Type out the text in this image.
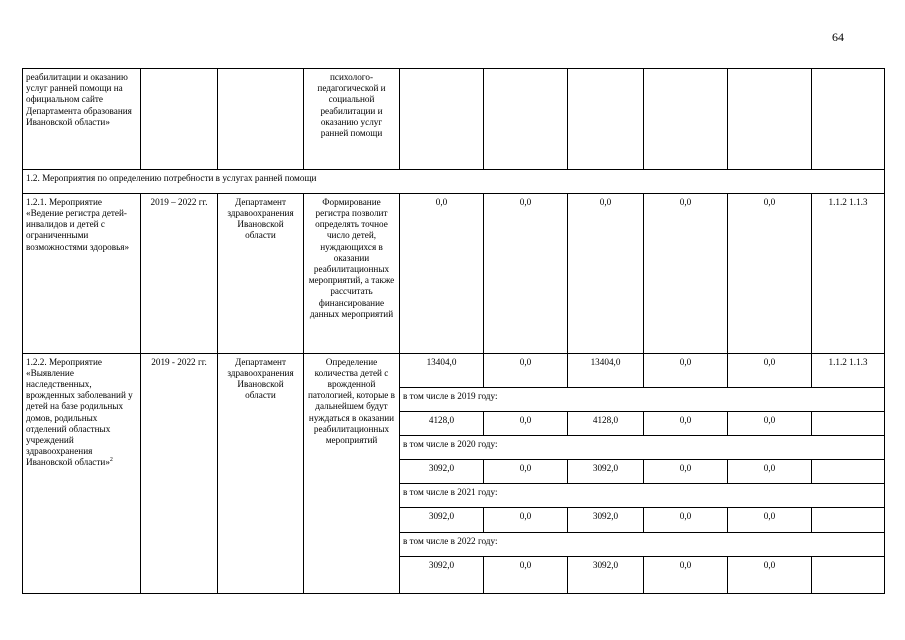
64
реабилитации и оказанию услуг ранней помощи на официальном сайте Департамента образования Ивановской области»			психолого-педагогической и социальной реабилитации и оказанию услуг ранней помощи						
1.2. Мероприятия по определению потребности в услугах ранней помощи									
1.2.1. Мероприятие «Ведение регистра детей-инвалидов и детей с ограниченными возможностями здоровья»	2019 – 2022 гг.	Департамент здравоохранения Ивановской области	Формирование регистра позволит определять точное число детей, нуждающихся в оказании реабилитационных мероприятий, а также рассчитать финансирование данных мероприятий	0,0	0,0	0,0	0,0	0,0	1.1.2 1.1.3
1.2.2. Мероприятие «Выявление наследственных, врожденных заболеваний у детей на базе родильных домов, родильных отделений областных учреждений здравоохранения Ивановской области»$^2$	2019 - 2022 гг.	Департамент здравоохранения Ивановской области	Определение количества детей с врожденной патологией, которые в дальнейшем будут нуждаться в оказании реабилитационных мероприятий	13404,0	0,0	13404,0	0,0	0,0	1.1.2 1.1.3
				в том числе в 2019 году:					
				4128,0	0,0	4128,0	0,0	0,0	
				в том числе в 2020 году:					
				3092,0	0,0	3092,0	0,0	0,0	
				в том числе в 2021 году:					
				3092,0	0,0	3092,0	0,0	0,0	
				в том числе в 2022 году:					
				3092,0	0,0	3092,0	0,0	0,0	
